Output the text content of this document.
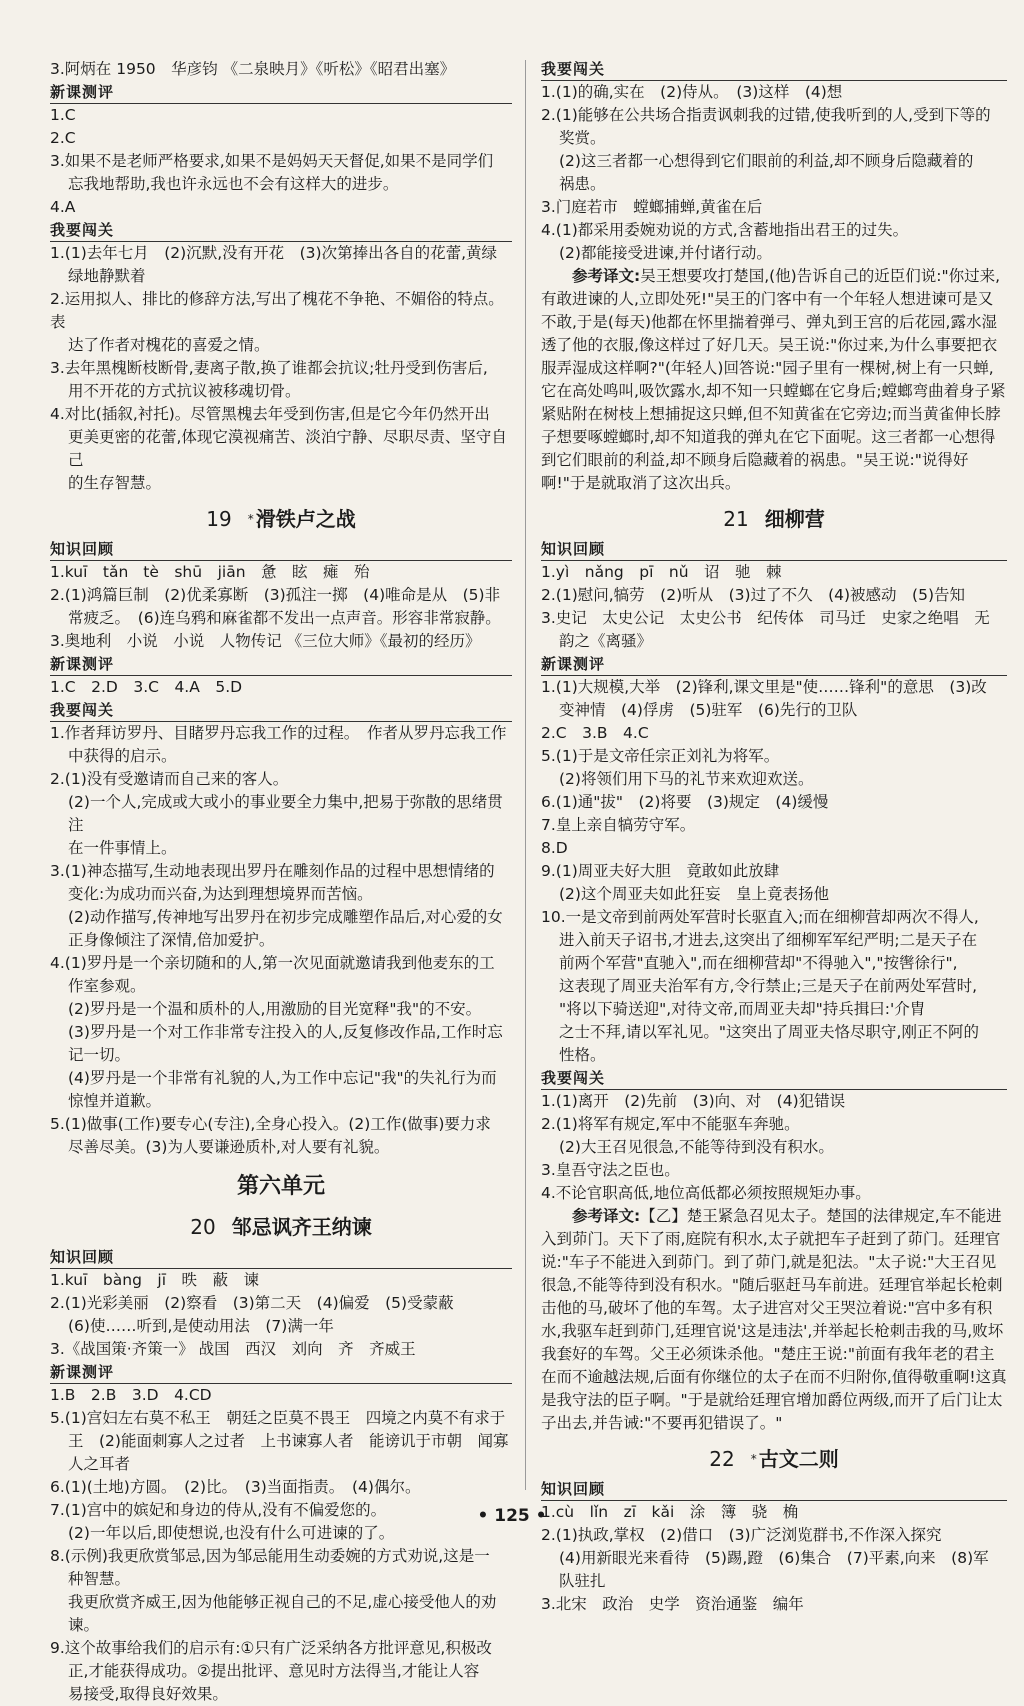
3.阿炳在 1950　华彦钧 《二泉映月》《听松》《昭君出塞》
新课测评
1.C
2.C
3.如果不是老师严格要求,如果不是妈妈天天督促,如果不是同学们
忘我地帮助,我也许永远也不会有这样大的进步。
4.A
我要闯关
1.(1)去年七月　(2)沉默,没有开花　(3)次第捧出各自的花蕾,黄绿
绿地静默着
2.运用拟人、排比的修辞方法,写出了槐花不争艳、不媚俗的特点。表
达了作者对槐花的喜爱之情。
3.去年黑槐断枝断骨,妻离子散,换了谁都会抗议;牡丹受到伤害后,
用不开花的方式抗议被移魂切骨。
4.对比(插叙,衬托)。尽管黑槐去年受到伤害,但是它今年仍然开出
更美更密的花蕾,体现它漠视痛苦、淡泊宁静、尽职尽责、坚守自己
的生存智慧。
19 * 滑铁卢之战
知识回顾
1.kuī　tǎn tè　shū　jiān　惫　眩　瘫　殆
2.(1)鸿篇巨制　(2)优柔寡断　(3)孤注一掷　(4)唯命是从　(5)非
常疲乏。　(6)连乌鸦和麻雀都不发出一点声音。形容非常寂静。
3.奥地利　小说　小说　人物传记 《三位大师》《最初的经历》
新课测评
1.C　2.D　3.C　4.A　5.D
我要闯关
1.作者拜访罗丹、目睹罗丹忘我工作的过程。　作者从罗丹忘我工作
中获得的启示。
2.(1)没有受邀请而自己来的客人。
(2)一个人,完成或大或小的事业要全力集中,把易于弥散的思绪贯注
在一件事情上。
3.(1)神态描写,生动地表现出罗丹在雕刻作品的过程中思想情绪的
变化:为成功而兴奋,为达到理想境界而苦恼。
(2)动作描写,传神地写出罗丹在初步完成雕塑作品后,对心爱的女
正身像倾注了深情,倍加爱护。
4.(1)罗丹是一个亲切随和的人,第一次见面就邀请我到他麦东的工
作室参观。
(2)罗丹是一个温和质朴的人,用激励的目光宽释"我"的不安。
(3)罗丹是一个对工作非常专注投入的人,反复修改作品,工作时忘
记一切。
(4)罗丹是一个非常有礼貌的人,为工作中忘记"我"的失礼行为而
惊惶并道歉。
5.(1)做事(工作)要专心(专注),全身心投入。(2)工作(做事)要力求
尽善尽美。(3)为人要谦逊质朴,对人要有礼貌。
第六单元
20 邹忌讽齐王纳谏
知识回顾
1.kuī　bàng　jī　昳　蔽　谏
2.(1)光彩美丽　(2)察看　(3)第二天　(4)偏爱　(5)受蒙蔽
(6)使……听到,是使动用法　(7)满一年
3.《战国策·齐策一》 战国　西汉　刘向　齐　齐威王
新课测评
1.B　2.B　3.D　4.CD
5.(1)宫妇左右莫不私王　朝廷之臣莫不畏王　四境之内莫不有求于
王　(2)能面刺寡人之过者　上书谏寡人者　能谤讥于市朝　闻寡
人之耳者
6.(1)(土地)方圆。　(2)比。　(3)当面指责。　(4)偶尔。
7.(1)宫中的嫔妃和身边的侍从,没有不偏爱您的。
(2)一年以后,即使想说,也没有什么可进谏的了。
8.(示例)我更欣赏邹忌,因为邹忌能用生动委婉的方式劝说,这是一
种智慧。
我更欣赏齐威王,因为他能够正视自己的不足,虚心接受他人的劝谏。
9.这个故事给我们的启示有:①只有广泛采纳各方批评意见,积极改
正,才能获得成功。②提出批评、意见时方法得当,才能让人容
易接受,取得良好效果。
我要闯关
1.(1)的确,实在　(2)侍从。　(3)这样　(4)想
2.(1)能够在公共场合指责讽刺我的过错,使我听到的人,受到下等的
奖赏。
(2)这三者都一心想得到它们眼前的利益,却不顾身后隐藏着的
祸患。
3.门庭若市　螳螂捕蝉,黄雀在后
4.(1)都采用委婉劝说的方式,含蓄地指出君王的过失。
(2)都能接受进谏,并付诸行动。
参考译文:吴王想要攻打楚国,(他)告诉自己的近臣们说:"你过来,有敢进谏的人,立即处死!"吴王的门客中有一个年轻人想进谏可是又不敢,于是(每天)他都在怀里揣着弹弓、弹丸到王宫的后花园,露水湿透了他的衣服,像这样过了好几天。吴王说:"你过来,为什么事要把衣服弄湿成这样啊?"(年轻人)回答说:"园子里有一棵树,树上有一只蝉,它在高处鸣叫,吸饮露水,却不知一只螳螂在它身后;螳螂弯曲着身子紧紧贴附在树枝上想捕捉这只蝉,但不知黄雀在它旁边;而当黄雀伸长脖子想要啄螳螂时,却不知道我的弹丸在它下面呢。这三者都一心想得到它们眼前的利益,却不顾身后隐藏着的祸患。"吴王说:"说得好啊!"于是就取消了这次出兵。
21 细柳营
知识回顾
1.yì　nǎng　pī　nǔ　诏　驰　棘
2.(1)慰问,犒劳　(2)听从　(3)过了不久　(4)被感动　(5)告知
3.史记　太史公记　太史公书　纪传体　司马迁　史家之绝唱　无
韵之《离骚》
新课测评
1.(1)大规模,大举　(2)锋利,课文里是"使……锋利"的意思　(3)改
变神情　(4)俘虏　(5)驻军　(6)先行的卫队
2.C　3.B　4.C
5.(1)于是文帝任宗正刘礼为将军。
(2)将领们用下马的礼节来欢迎欢送。
6.(1)通"拔"　(2)将要　(3)规定　(4)缓慢
7.皇上亲自犒劳守军。
8.D
9.(1)周亚夫好大胆　竟敢如此放肆
(2)这个周亚夫如此狂妄　皇上竟表扬他
10.一是文帝到前两处军营时长驱直入;而在细柳营却两次不得人,
进入前天子诏书,才进去,这突出了细柳军军纪严明;二是天子在
前两个军营"直驰入",而在细柳营却"不得驰入","按辔徐行",
这表现了周亚夫治军有方,令行禁止;三是天子在前两处军营时,
"将以下骑送迎",对待文帝,而周亚夫却"持兵揖曰:'介胄
之士不拜,请以军礼见。"这突出了周亚夫恪尽职守,刚正不阿的
性格。
我要闯关
1.(1)离开　(2)先前　(3)向、对　(4)犯错误
2.(1)将军有规定,军中不能驱车奔驰。
(2)大王召见很急,不能等待到没有积水。
3.皇吾守法之臣也。
4.不论官职高低,地位高低都必须按照规矩办事。
参考译文:【乙】楚王紧急召见太子。楚国的法律规定,车不能进入到茆门。天下了雨,庭院有积水,太子就把车子赶到了茆门。廷理官说:"车子不能进入到茆门。到了茆门,就是犯法。"太子说:"大王召见很急,不能等待到没有积水。"随后驱赶马车前进。廷理官举起长枪刺击他的马,破坏了他的车驾。太子进宫对父王哭泣着说:"宫中多有积水,我驱车赶到茆门,廷理官说'这是违法',并举起长枪刺击我的马,败坏我套好的车驾。父王必须诛杀他。"楚庄王说:"前面有我年老的君主在而不逾越法规,后面有你继位的太子在而不归附你,值得敬重啊!这真是我守法的臣子啊。"于是就给廷理官增加爵位两级,而开了后门让太子出去,并告诫:"不要再犯错误了。"
22 * 古文二则
知识回顾
1.cù　lǐn　zī　kǎi　涂　簿　骁　桷
2.(1)执政,掌权　(2)借口　(3)广泛浏览群书,不作深入探究
(4)用新眼光来看待　(5)踢,蹬　(6)集合　(7)平素,向来　(8)军
队驻扎
3.北宋　政治　史学　资治通鉴　编年
• 125 •
